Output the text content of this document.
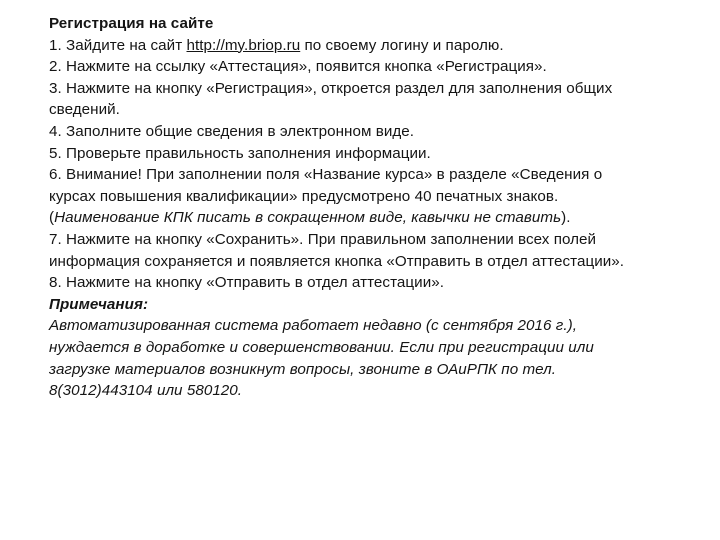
Регистрация на сайте
1. Зайдите на сайт http://my.briop.ru по своему логину и паролю.
2. Нажмите на ссылку «Аттестация», появится кнопка «Регистрация».
3. Нажмите на кнопку «Регистрация», откроется раздел для заполнения общих
сведений.
4. Заполните общие сведения в электронном виде.
5. Проверьте правильность заполнения информации.
6. Внимание! При заполнении поля «Название курса» в разделе «Сведения о
курсах повышения квалификации» предусмотрено 40 печатных знаков.
(Наименование КПК писать в сокращенном виде, кавычки не ставить).
7. Нажмите на кнопку «Сохранить». При правильном заполнении всех полей
информация сохраняется и появляется кнопка «Отправить в отдел аттестации».
8. Нажмите на кнопку «Отправить в отдел аттестации».
Примечания:
Автоматизированная система работает недавно (с сентября 2016 г.),
нуждается в доработке и совершенствовании. Если при регистрации или
загрузке материалов возникнут вопросы, звоните в ОАиРПК по тел.
8(3012)443104 или 580120.
